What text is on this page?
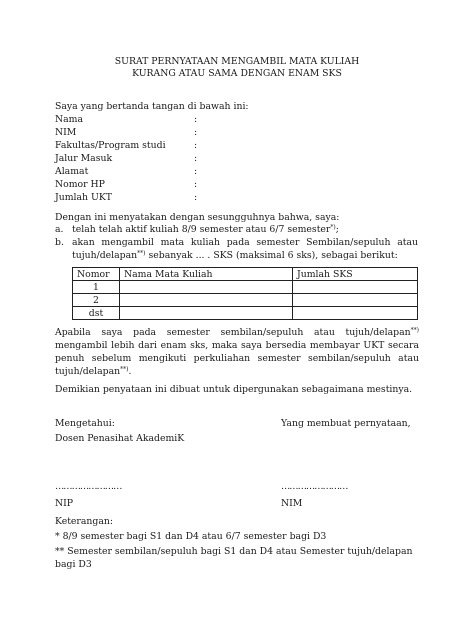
SURAT PERNYATAAN MENGAMBIL MATA KULIAH
KURANG ATAU SAMA DENGAN ENAM SKS
Saya yang bertanda tangan di bawah ini:
Nama	:
NIM	:
Fakultas/Program studi	:
Jalur Masuk	:
Alamat	:
Nomor HP	:
Jumlah UKT	:
Dengan ini menyatakan dengan sesungguhnya bahwa, saya:
a. telah telah aktif kuliah 8/9 semester atau 6/7 semester*);
b. akan mengambil mata kuliah pada semester Sembilan/sepuluh atau
tujuh/delapan**) sebanyak ... . SKS (maksimal 6 sks), sebagai berikut:
Nomor	Nama Mata Kuliah	Jumlah SKS
1		
2		
dst		
Apabila saya pada semester sembilan/sepuluh atau tujuh/delapan**) mengambil lebih dari enam sks, maka saya bersedia membayar UKT secara penuh sebelum mengikuti perkuliahan semester sembilan/sepuluh atau tujuh/delapan**).
Demikian penyataan ini dibuat untuk dipergunakan sebagaimana mestinya.
Mengetahui:	Yang membuat pernyataan,
Dosen Penasihat AkademiK
……………………	……………………
NIP	NIM
Keterangan:
* 8/9 semester bagi S1 dan D4 atau 6/7 semester bagi D3
** Semester sembilan/sepuluh bagi S1 dan D4 atau Semester tujuh/delapan
bagi D3
